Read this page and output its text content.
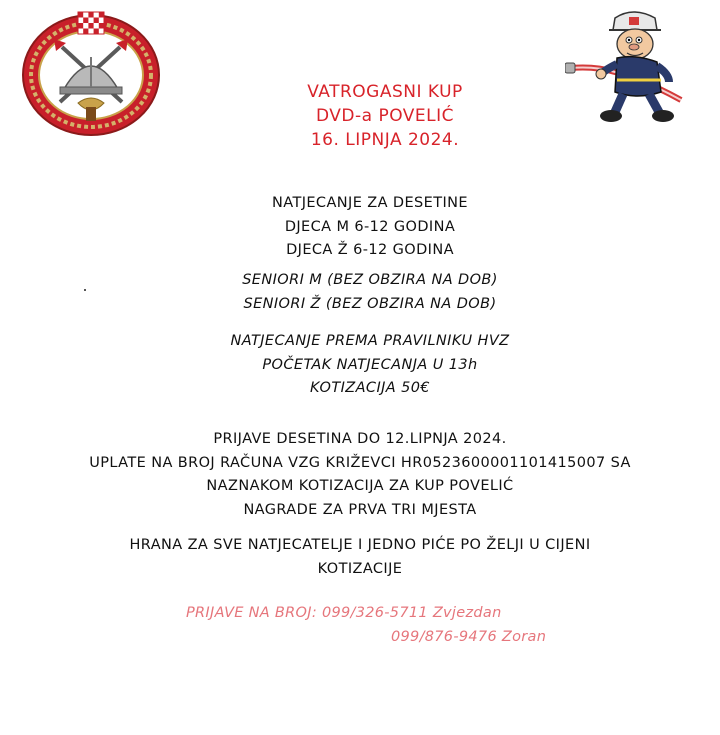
VATROGASNI KUP
DVD-a POVELIĆ
16. LIPNJA 2024.
NATJECANJE ZA DESETINE
DJECA M 6-12 GODINA
DJECA Ž 6-12 GODINA
SENIORI M (BEZ OBZIRA NA DOB)
SENIORI Ž (BEZ OBZIRA NA DOB)
NATJECANJE PREMA PRAVILNIKU HVZ
POČETAK NATJECANJA U 13h
KOTIZACIJA 50€
PRIJAVE DESETINA DO 12.LIPNJA 2024.
UPLATE NA BROJ RAČUNA VZG KRIŽEVCI HR0523600001101415007 SA
NAZNAKOM KOTIZACIJA ZA KUP POVELIĆ
NAGRADE ZA PRVA TRI MJESTA
HRANA ZA SVE NATJECATELJE I JEDNO PIĆE PO ŽELJI U CIJENI
KOTIZACIJE
PRIJAVE NA BROJ: 099/326-5711 Zvjezdan
099/876-9476 Zoran
